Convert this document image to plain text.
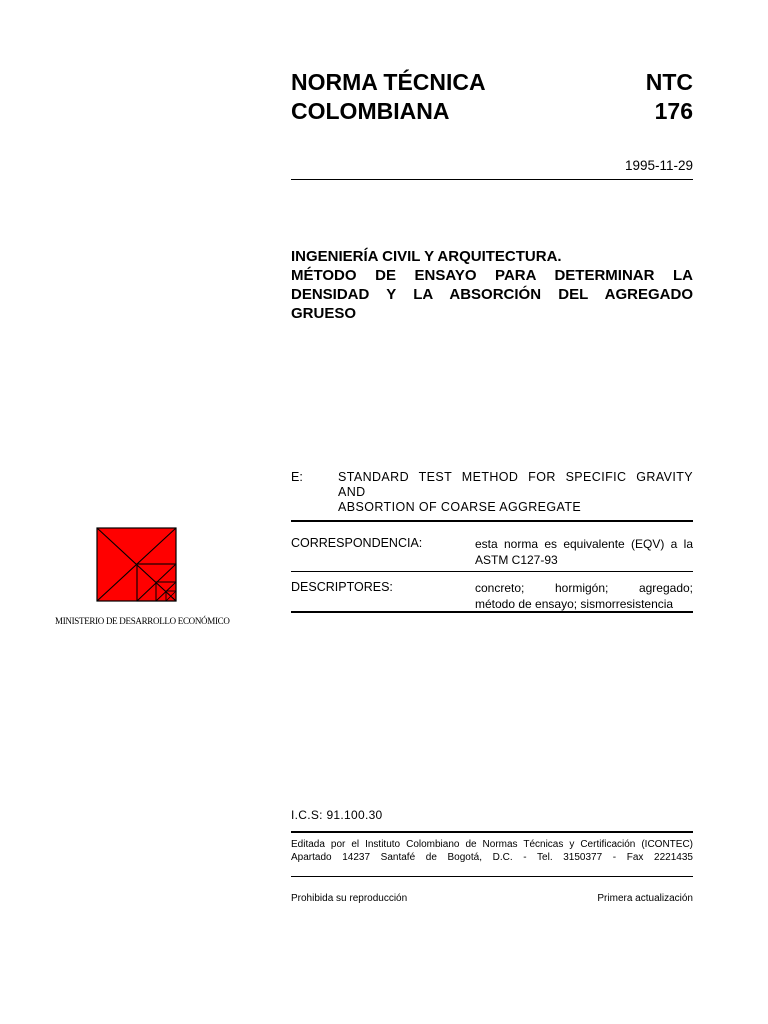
NORMA TÉCNICA
COLOMBIANA
NTC
176
1995-11-29
INGENIERÍA CIVIL Y ARQUITECTURA.
MÉTODO DE ENSAYO PARA DETERMINAR LA
DENSIDAD Y LA ABSORCIÓN DEL AGREGADO
GRUESO
E:	STANDARD TEST METHOD FOR SPECIFIC GRAVITY AND
ABSORTION OF COARSE AGGREGATE
CORRESPONDENCIA:	esta norma es equivalente (EQV) a la
ASTM C127-93
DESCRIPTORES:	concreto; hormigón; agregado;
método de ensayo; sismorresistencia
MINISTERIO DE DESARROLLO ECONÓMICO
I.C.S: 91.100.30
Editada por el Instituto Colombiano de Normas Técnicas y Certificación (ICONTEC)
Apartado 14237 Santafé de Bogotá, D.C. - Tel. 3150377 - Fax 2221435
Prohibida su reproducción	Primera actualización
